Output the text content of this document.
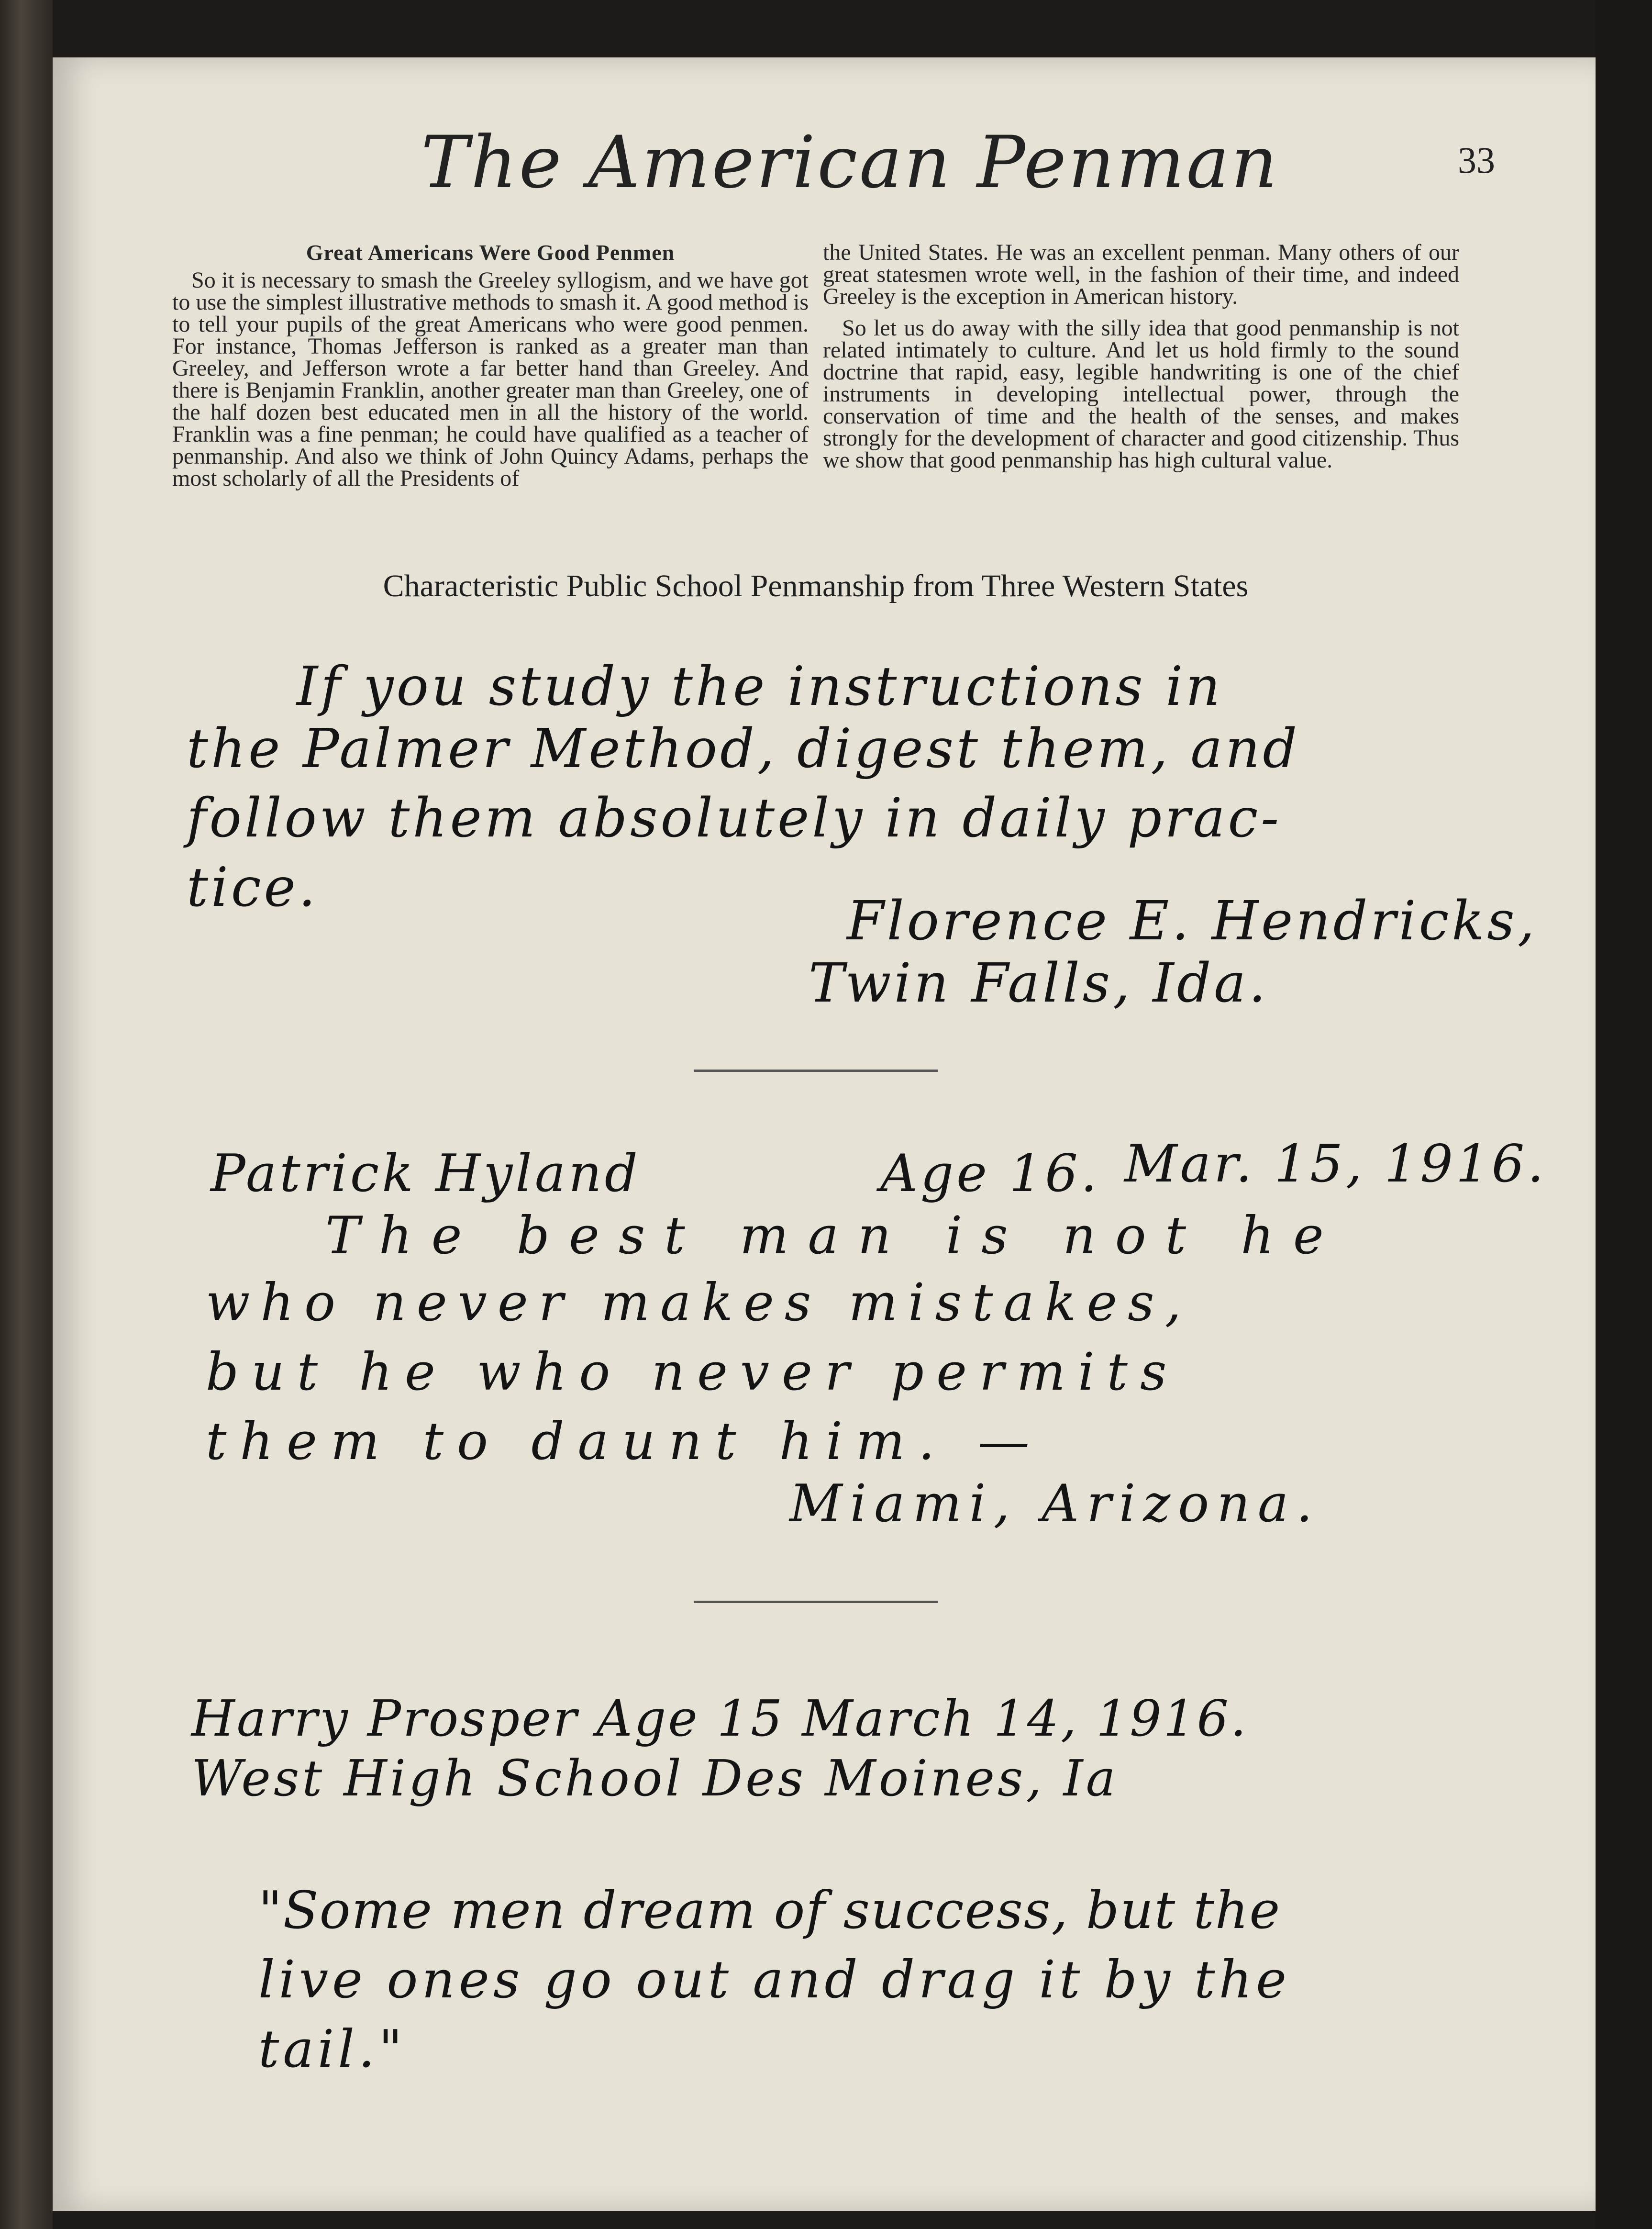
The American Penman	33
Great Americans Were Good Penmen

So it is necessary to smash the Greeley syllogism, and we have got to use the simplest illustrative methods to smash it. A good method is to tell your pupils of the great Americans who were good penmen. For instance, Thomas Jefferson is ranked as a greater man than Greeley, and Jefferson wrote a far better hand than Greeley. And there is Benjamin Franklin, another greater man than Greeley, one of the half dozen best educated men in all the history of the world. Franklin was a fine penman; he could have qualified as a teacher of penmanship. And also we think of John Quincy Adams, perhaps the most scholarly of all the Presidents of

the United States. He was an excellent penman. Many others of our great statesmen wrote well, in the fashion of their time, and indeed Greeley is the exception in American history.

So let us do away with the silly idea that good penmanship is not related intimately to culture. And let us hold firmly to the sound doctrine that rapid, easy, legible handwriting is one of the chief instruments in developing intellectual power, through the conservation of time and the health of the senses, and makes strongly for the development of character and good citizenship. Thus we show that good penmanship has high cultural value.

Characteristic Public School Penmanship from Three Western States
If you study the instructions in
the Palmer Method, digest them, and
follow them absolutely in daily prac-
tice.
Florence E. Hendricks,
Twin Falls, Ida.
Patrick Hyland	Age 16. Mar. 15, 1916.
The best man is not he
who never makes mistakes,
but he who never permits
them to daunt him. —
Miami, Arizona.
Harry Prosper Age 15 March 14, 1916.
West High School Des Moines, Ia
"Some men dream of success, but the
live ones go out and drag it by the
tail."
